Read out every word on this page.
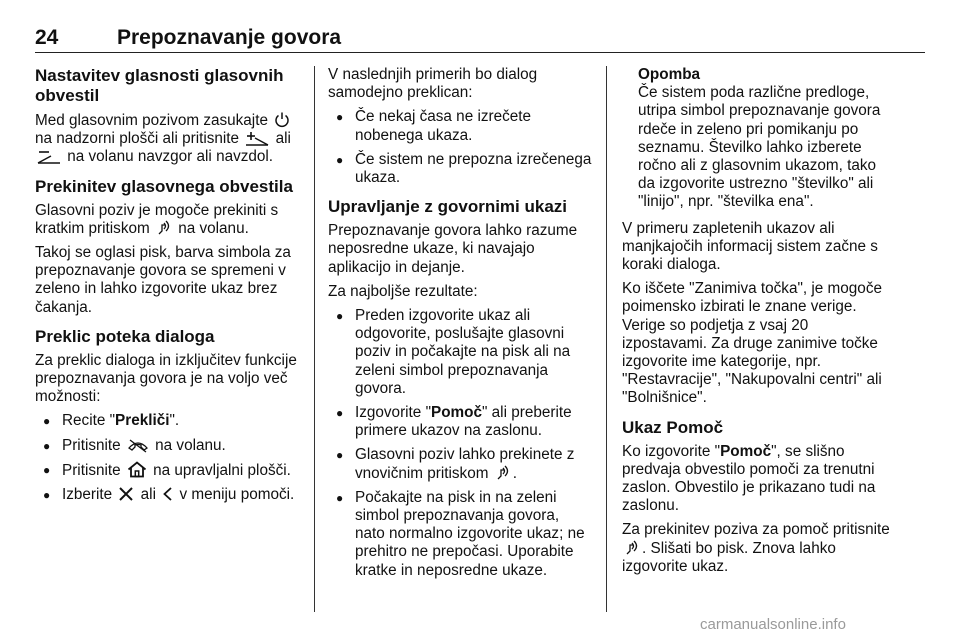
24	Prepoznavanje govora
Nastavitev glasnosti glasovnih obvestil

Med glasovnim pozivom zasukajte
na nadzorni plošči ali pritisnite
ali
na volanu navzgor ali navzdol.

Prekinitev glasovnega obvestila

Glasovni poziv je mogoče prekiniti s kratkim pritiskom
na volanu.

Takoj se oglasi pisk, barva simbola za prepoznavanje govora se spremeni v zeleno in lahko izgovorite ukaz brez čakanja.

Preklic poteka dialoga

Za preklic dialoga in izključitev funkcije prepoznavanja govora je na voljo več možnosti:

● Recite "Prekliči".
● Pritisnite
na volanu.
● Pritisnite
na upravljalni plošči.
● Izberite
ali
v meniju pomoči.

V naslednjih primerih bo dialog samodejno preklican:

● Če nekaj časa ne izrečete nobenega ukaza.
● Če sistem ne prepozna izrečenega ukaza.
Upravljanje z govornimi ukazi

Prepoznavanje govora lahko razume neposredne ukaze, ki navajajo aplikacijo in dejanje.

Za najboljše rezultate:

● Preden izgovorite ukaz ali odgovorite, poslušajte glasovni poziv in počakajte na pisk ali na zeleni simbol prepoznavanja govora.
● Izgovorite "Pomoč" ali preberite primere ukazov na zaslonu.
● Glasovni poziv lahko prekinete z vnovičnim pritiskom
.
● Počakajte na pisk in na zeleni simbol prepoznavanja govora, nato normalno izgovorite ukaz; ne prehitro ne prepočasi. Uporabite kratke in neposredne ukaze.
Opomba
Če sistem poda različne predloge, utripa simbol prepoznavanje govora rdeče in zeleno pri pomikanju po seznamu. Številko lahko izberete ročno ali z glasovnim ukazom, tako da izgovorite ustrezno "številko" ali "linijo", npr. "številka ena".

V primeru zapletenih ukazov ali manjkajočih informacij sistem začne s koraki dialoga.

Ko iščete "Zanimiva točka", je mogoče poimensko izbirati le znane verige. Verige so podjetja z vsaj 20 izpostavami. Za druge zanimive točke izgovorite ime kategorije, npr. "Restavracije", "Nakupovalni centri" ali "Bolnišnice".

Ukaz Pomoč

Ko izgovorite "Pomoč", se slišno predvaja obvestilo pomoči za trenutni zaslon. Obvestilo je prikazano tudi na zaslonu.

Za prekinitev poziva za pomoč pritisnite
. Slišati bo pisk. Znova lahko izgovorite ukaz.

carmanualsonline.info
